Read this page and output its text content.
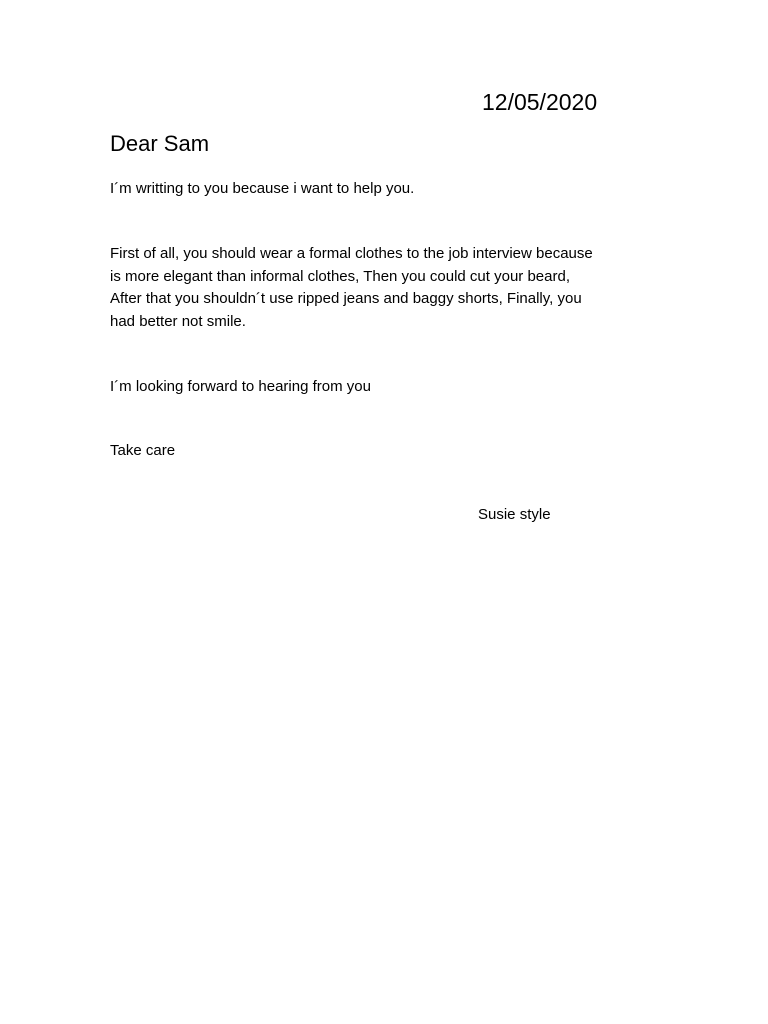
12/05/2020
Dear Sam
I´m writting to you because i want to help you.
First of all, you should wear a formal clothes to the job interview because
is more elegant than informal clothes, Then you could cut your beard,
After that you shouldn´t use ripped jeans and baggy shorts, Finally, you
had better not smile.
I´m looking forward to hearing from you
Take care
Susie style
